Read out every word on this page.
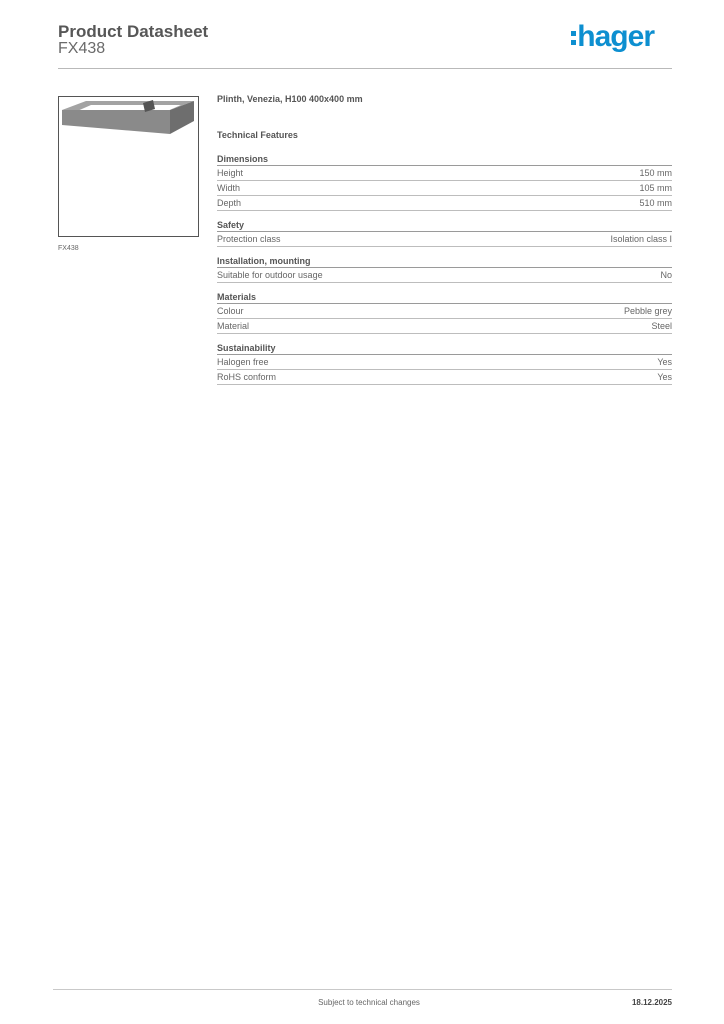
Product Datasheet
FX438	hager
FX438
Plinth, Venezia, H100 400x400 mm
Technical Features
Dimensions
Height	150 mm
Width	105 mm
Depth	510 mm
Safety
Protection class	Isolation class I
Installation, mounting
Suitable for outdoor usage	No
Materials
Colour	Pebble grey
Material	Steel
Sustainability
Halogen free	Yes
RoHS conform	Yes
Subject to technical changes	18.12.2025
